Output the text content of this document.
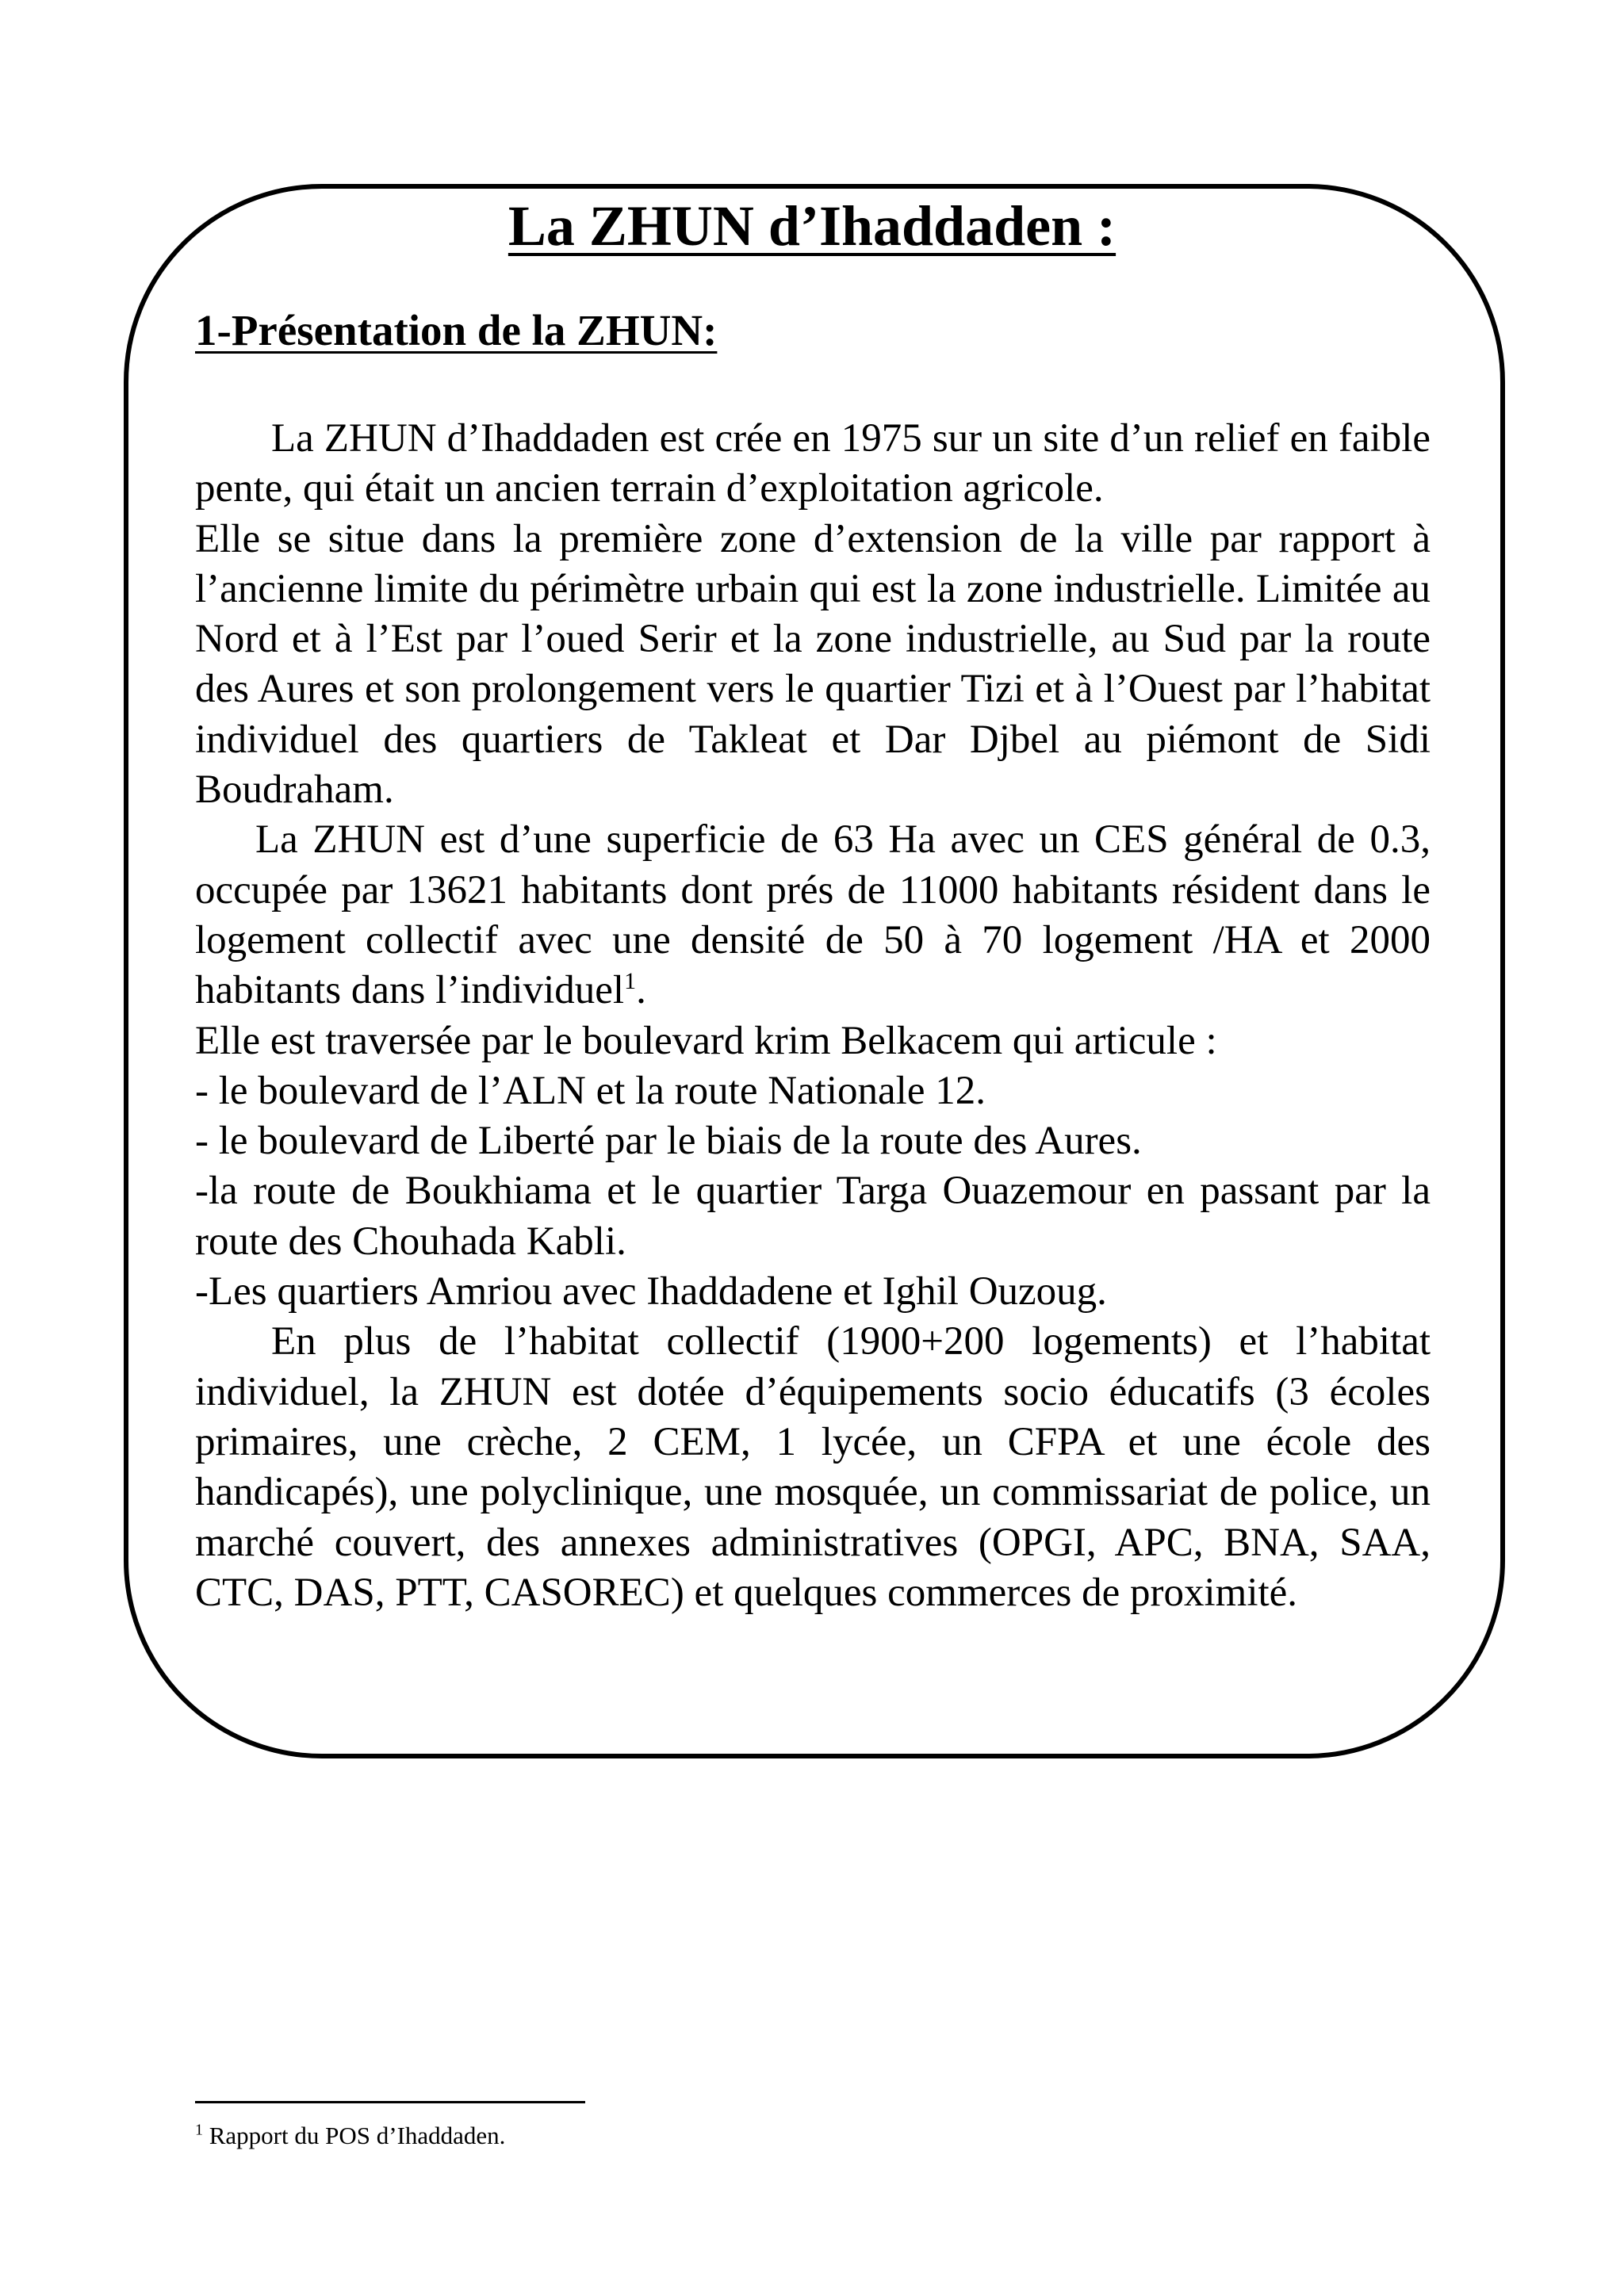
La ZHUN d’Ihaddaden :
1-Présentation de la ZHUN:

La ZHUN d’Ihaddaden est crée en 1975 sur un site d’un relief en faible pente, qui était un ancien terrain d’exploitation agricole.

Elle se situe dans la première zone d’extension de la ville par rapport à l’ancienne limite du périmètre urbain qui est la zone industrielle. Limitée au Nord et à l’Est par l’oued Serir et la zone industrielle, au Sud par la route des Aures et son prolongement vers le quartier Tizi et à l’Ouest par l’habitat individuel des quartiers de Takleat et Dar Djbel au piémont de Sidi Boudraham.

La ZHUN est d’une superficie de 63 Ha avec un CES général de 0.3, occupée par 13621 habitants dont prés de 11000 habitants résident dans le logement collectif avec une densité de 50 à 70 logement /HA et 2000 habitants dans l’individuel$^1$.

Elle est traversée par le boulevard krim Belkacem qui articule :

- le boulevard de l’ALN et la route Nationale 12.

- le boulevard de Liberté par le biais de la route des Aures.

-la route de Boukhiama et le quartier Targa Ouazemour en passant par la route des Chouhada Kabli.

-Les quartiers Amriou avec Ihaddadene et Ighil Ouzoug.

En plus de l’habitat collectif (1900+200 logements) et l’habitat individuel, la ZHUN est dotée d’équipements socio éducatifs (3 écoles primaires, une crèche, 2 CEM, 1 lycée, un CFPA et une école des handicapés), une polyclinique, une mosquée, un commissariat de police, un marché couvert, des annexes administratives (OPGI, APC, BNA, SAA, CTC, DAS, PTT, CASOREC) et quelques commerces de proximité.

$^1$ Rapport du POS d’Ihaddaden.
